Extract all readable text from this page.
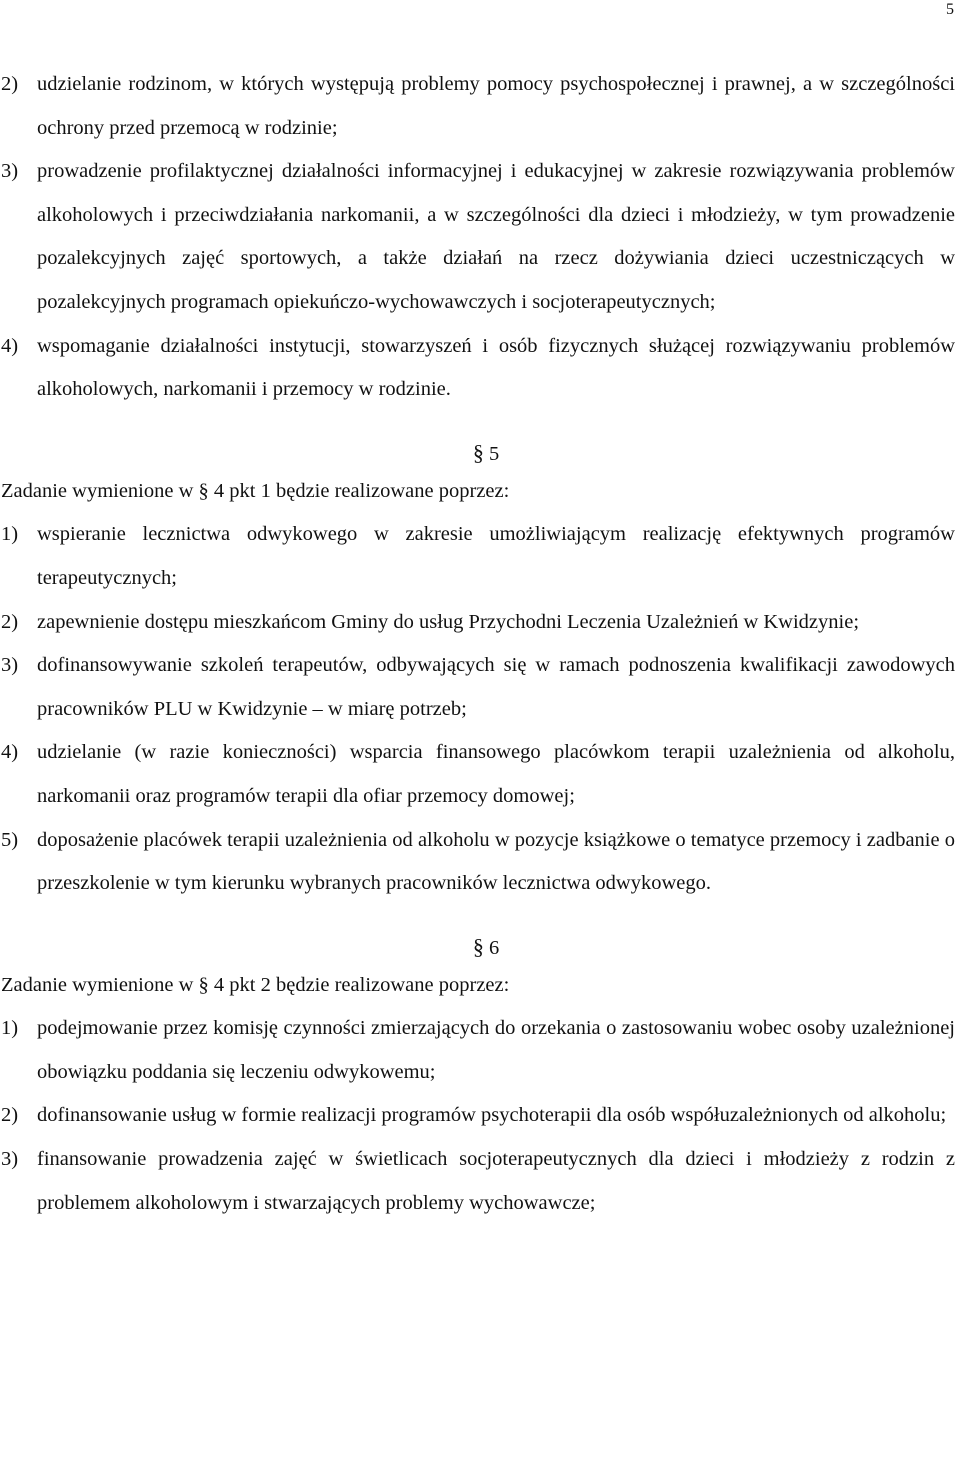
5
2) udzielanie rodzinom, w których występują problemy pomocy psychospołecznej i prawnej, a w szczególności ochrony przed przemocą w rodzinie;
3) prowadzenie profilaktycznej działalności informacyjnej i edukacyjnej w zakresie rozwiązywania problemów alkoholowych i przeciwdziałania narkomanii, a w szczególności dla dzieci i młodzieży, w tym prowadzenie pozalekcyjnych zajęć sportowych, a także działań na rzecz dożywiania dzieci uczestniczących w pozalekcyjnych programach opiekuńczo-wychowawczych i socjoterapeutycznych;
4) wspomaganie działalności instytucji, stowarzyszeń i osób fizycznych służącej rozwiązywaniu problemów alkoholowych, narkomanii i przemocy w rodzinie.
§ 5

Zadanie wymienione w § 4 pkt 1 będzie realizowane poprzez:

1) wspieranie lecznictwa odwykowego w zakresie umożliwiającym realizację efektywnych programów terapeutycznych;
2) zapewnienie dostępu mieszkańcom Gminy do usług Przychodni Leczenia Uzależnień w Kwidzynie;
3) dofinansowywanie szkoleń terapeutów, odbywających się w ramach podnoszenia kwalifikacji zawodowych pracowników PLU w Kwidzynie – w miarę potrzeb;
4) udzielanie (w razie konieczności) wsparcia finansowego placówkom terapii uzależnienia od alkoholu, narkomanii oraz programów terapii dla ofiar przemocy domowej;
5) doposażenie placówek terapii uzależnienia od alkoholu w pozycje książkowe o tematyce przemocy i zadbanie o przeszkolenie w tym kierunku wybranych pracowników lecznictwa odwykowego.
§ 6

Zadanie wymienione w § 4 pkt 2 będzie realizowane poprzez:

1) podejmowanie przez komisję czynności zmierzających do orzekania o zastosowaniu wobec osoby uzależnionej obowiązku poddania się leczeniu odwykowemu;
2) dofinansowanie usług w formie realizacji programów psychoterapii dla osób współuzależnionych od alkoholu;
3) finansowanie prowadzenia zajęć w świetlicach socjoterapeutycznych dla dzieci i młodzieży z rodzin z problemem alkoholowym i stwarzających problemy wychowawcze;
